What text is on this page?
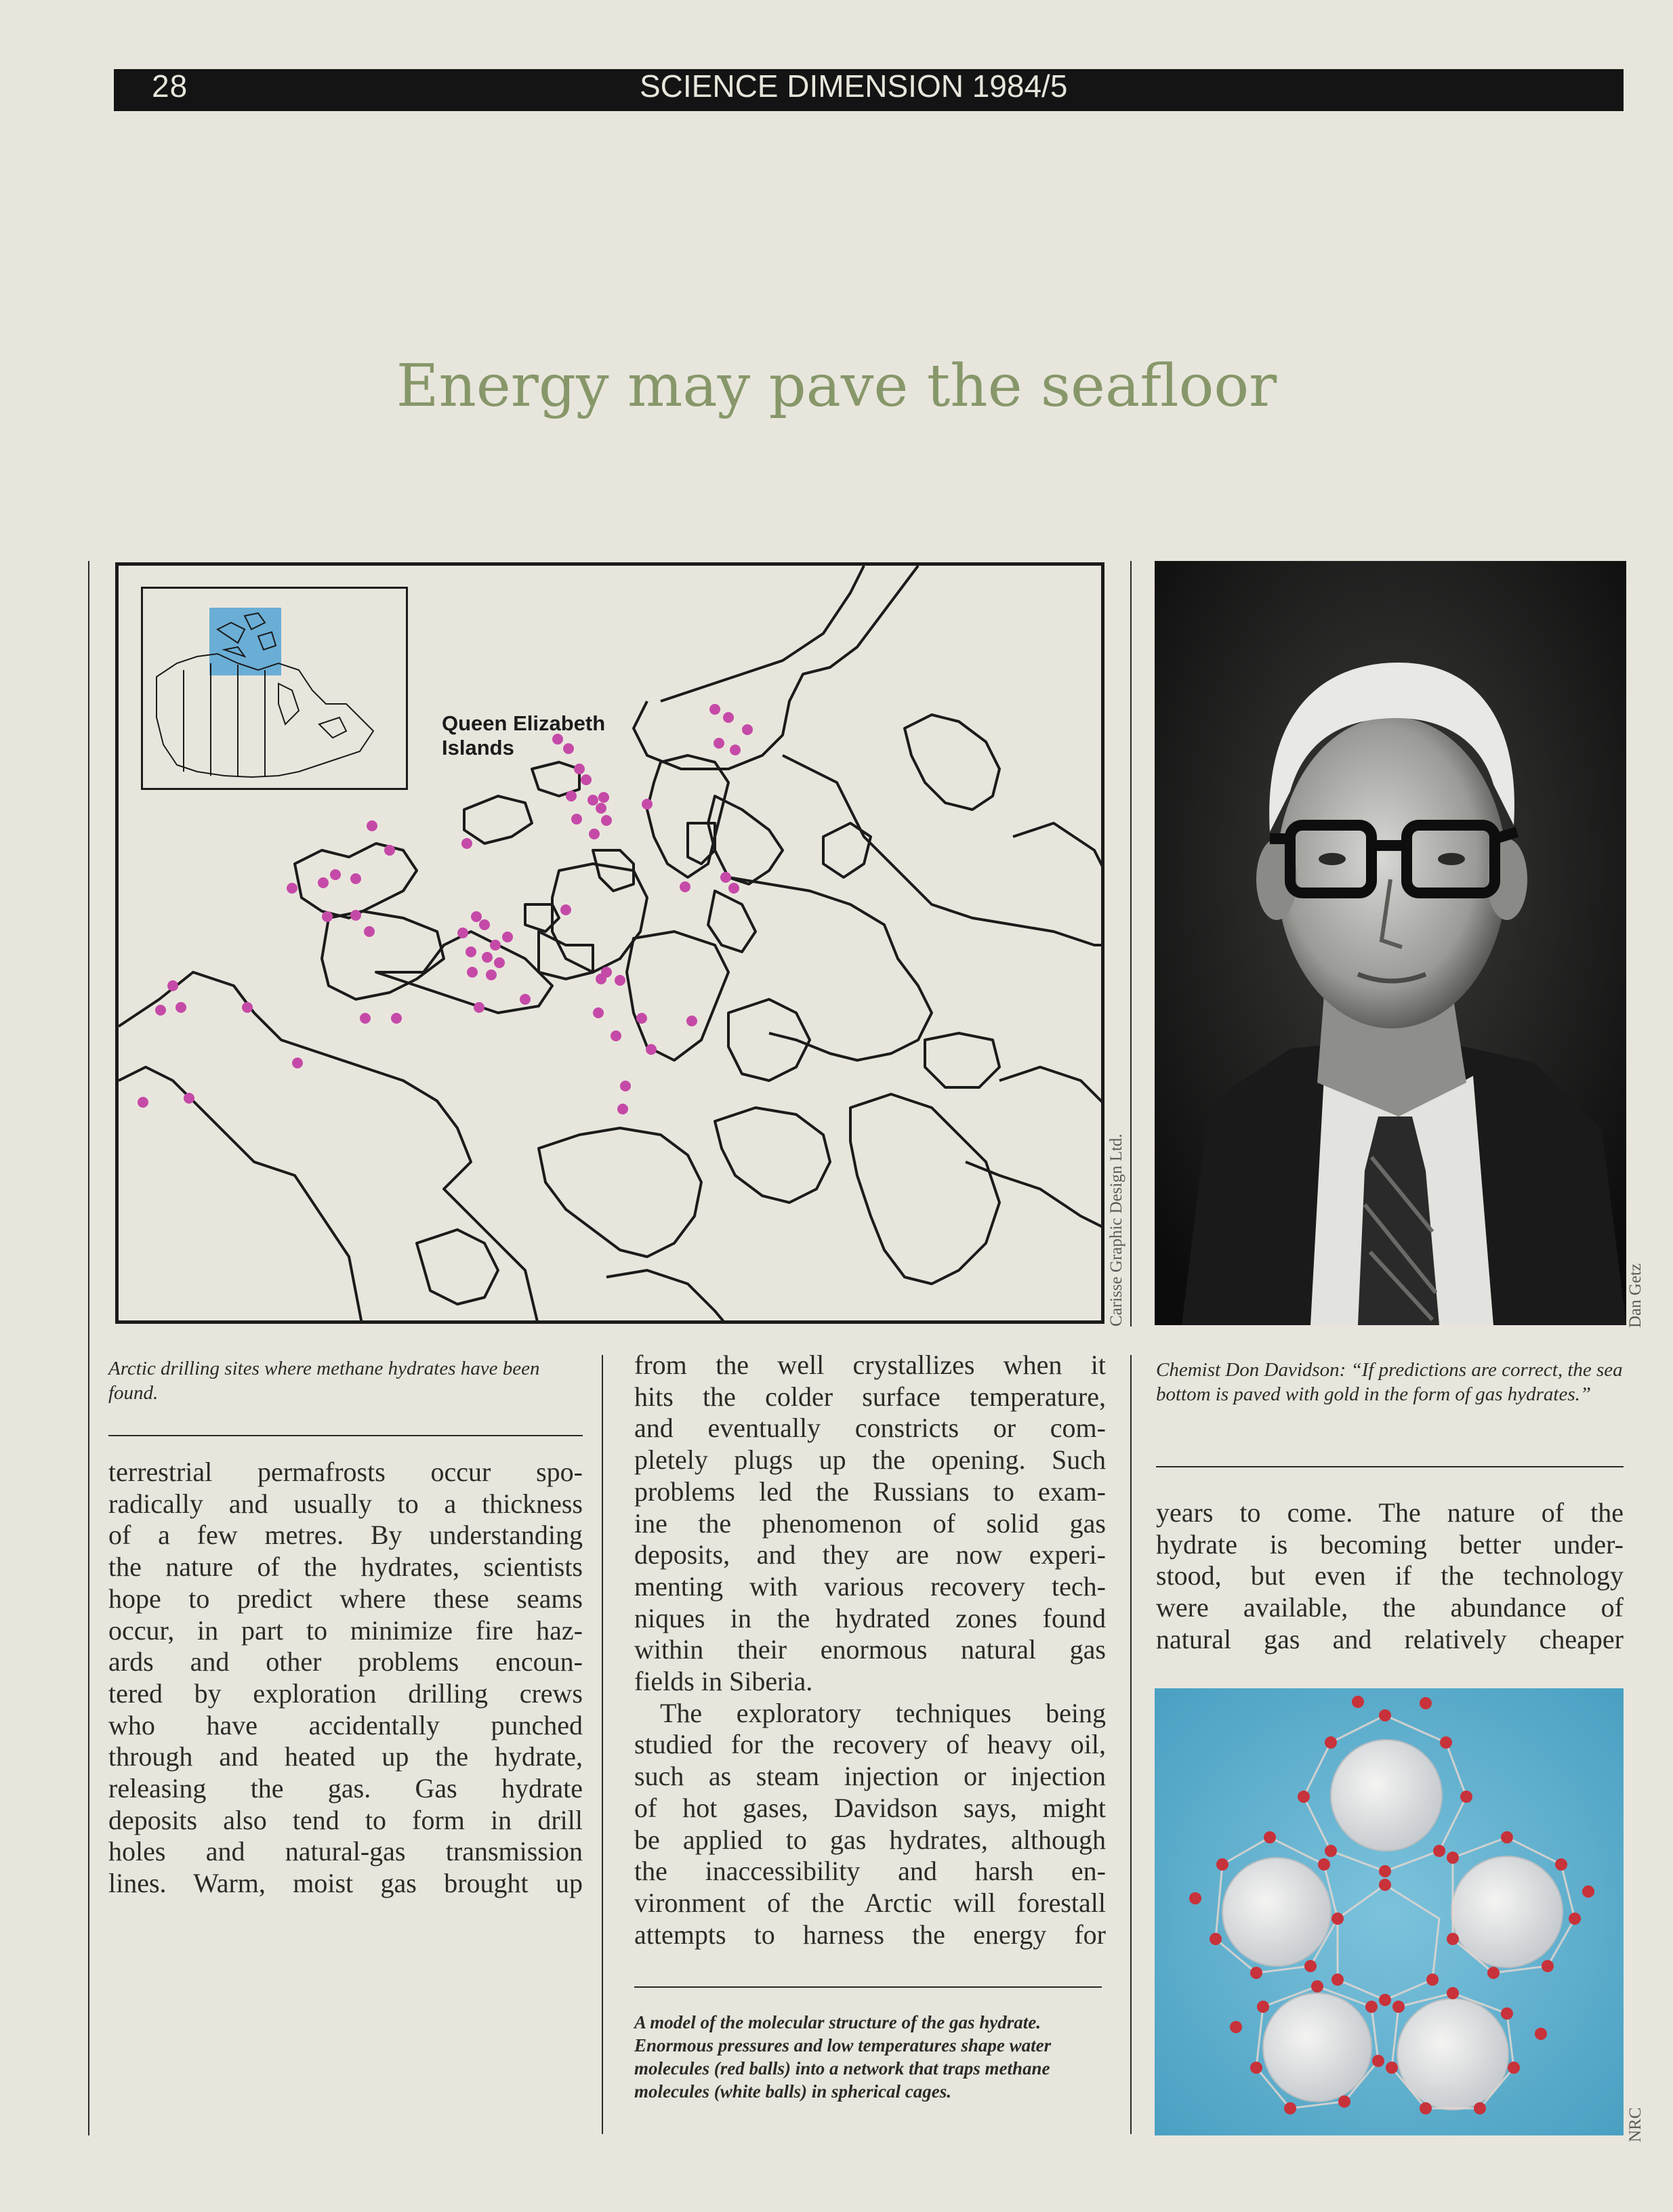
28	SCIENCE DIMENSION 1984/5
Energy may pave the seafloor
Queen Elizabeth
Islands
Carisse Graphic Design Ltd.	Dan Getz
Arctic drilling sites where methane hydrates have been found.
Chemist Don Davidson: “If predictions are correct, the sea bottom is paved with gold in the form of gas hydrates.”
terrestrial permafrosts occur spo-
radically and usually to a thickness
of a few metres. By understanding
the nature of the hydrates, scientists
hope to predict where these seams
occur, in part to minimize fire haz-
ards and other problems encoun-
tered by exploration drilling crews
who have accidentally punched
through and heated up the hydrate,
releasing the gas. Gas hydrate
deposits also tend to form in drill
holes and natural-gas transmission
lines. Warm, moist gas brought up
from the well crystallizes when it
hits the colder surface temperature,
and eventually constricts or com-
pletely plugs up the opening. Such
problems led the Russians to exam-
ine the phenomenon of solid gas
deposits, and they are now experi-
menting with various recovery tech-
niques in the hydrated zones found
within their enormous natural gas
fields in Siberia.
The exploratory techniques being
studied for the recovery of heavy oil,
such as steam injection or injection
of hot gases, Davidson says, might
be applied to gas hydrates, although
the inaccessibility and harsh en-
vironment of the Arctic will forestall
attempts to harness the energy for
years to come. The nature of the
hydrate is becoming better under-
stood, but even if the technology
were available, the abundance of
natural gas and relatively cheaper
A model of the molecular structure of the gas hydrate. Enormous pressures and low temperatures shape water molecules (red balls) into a network that traps methane molecules (white balls) in spherical cages.
NRC
